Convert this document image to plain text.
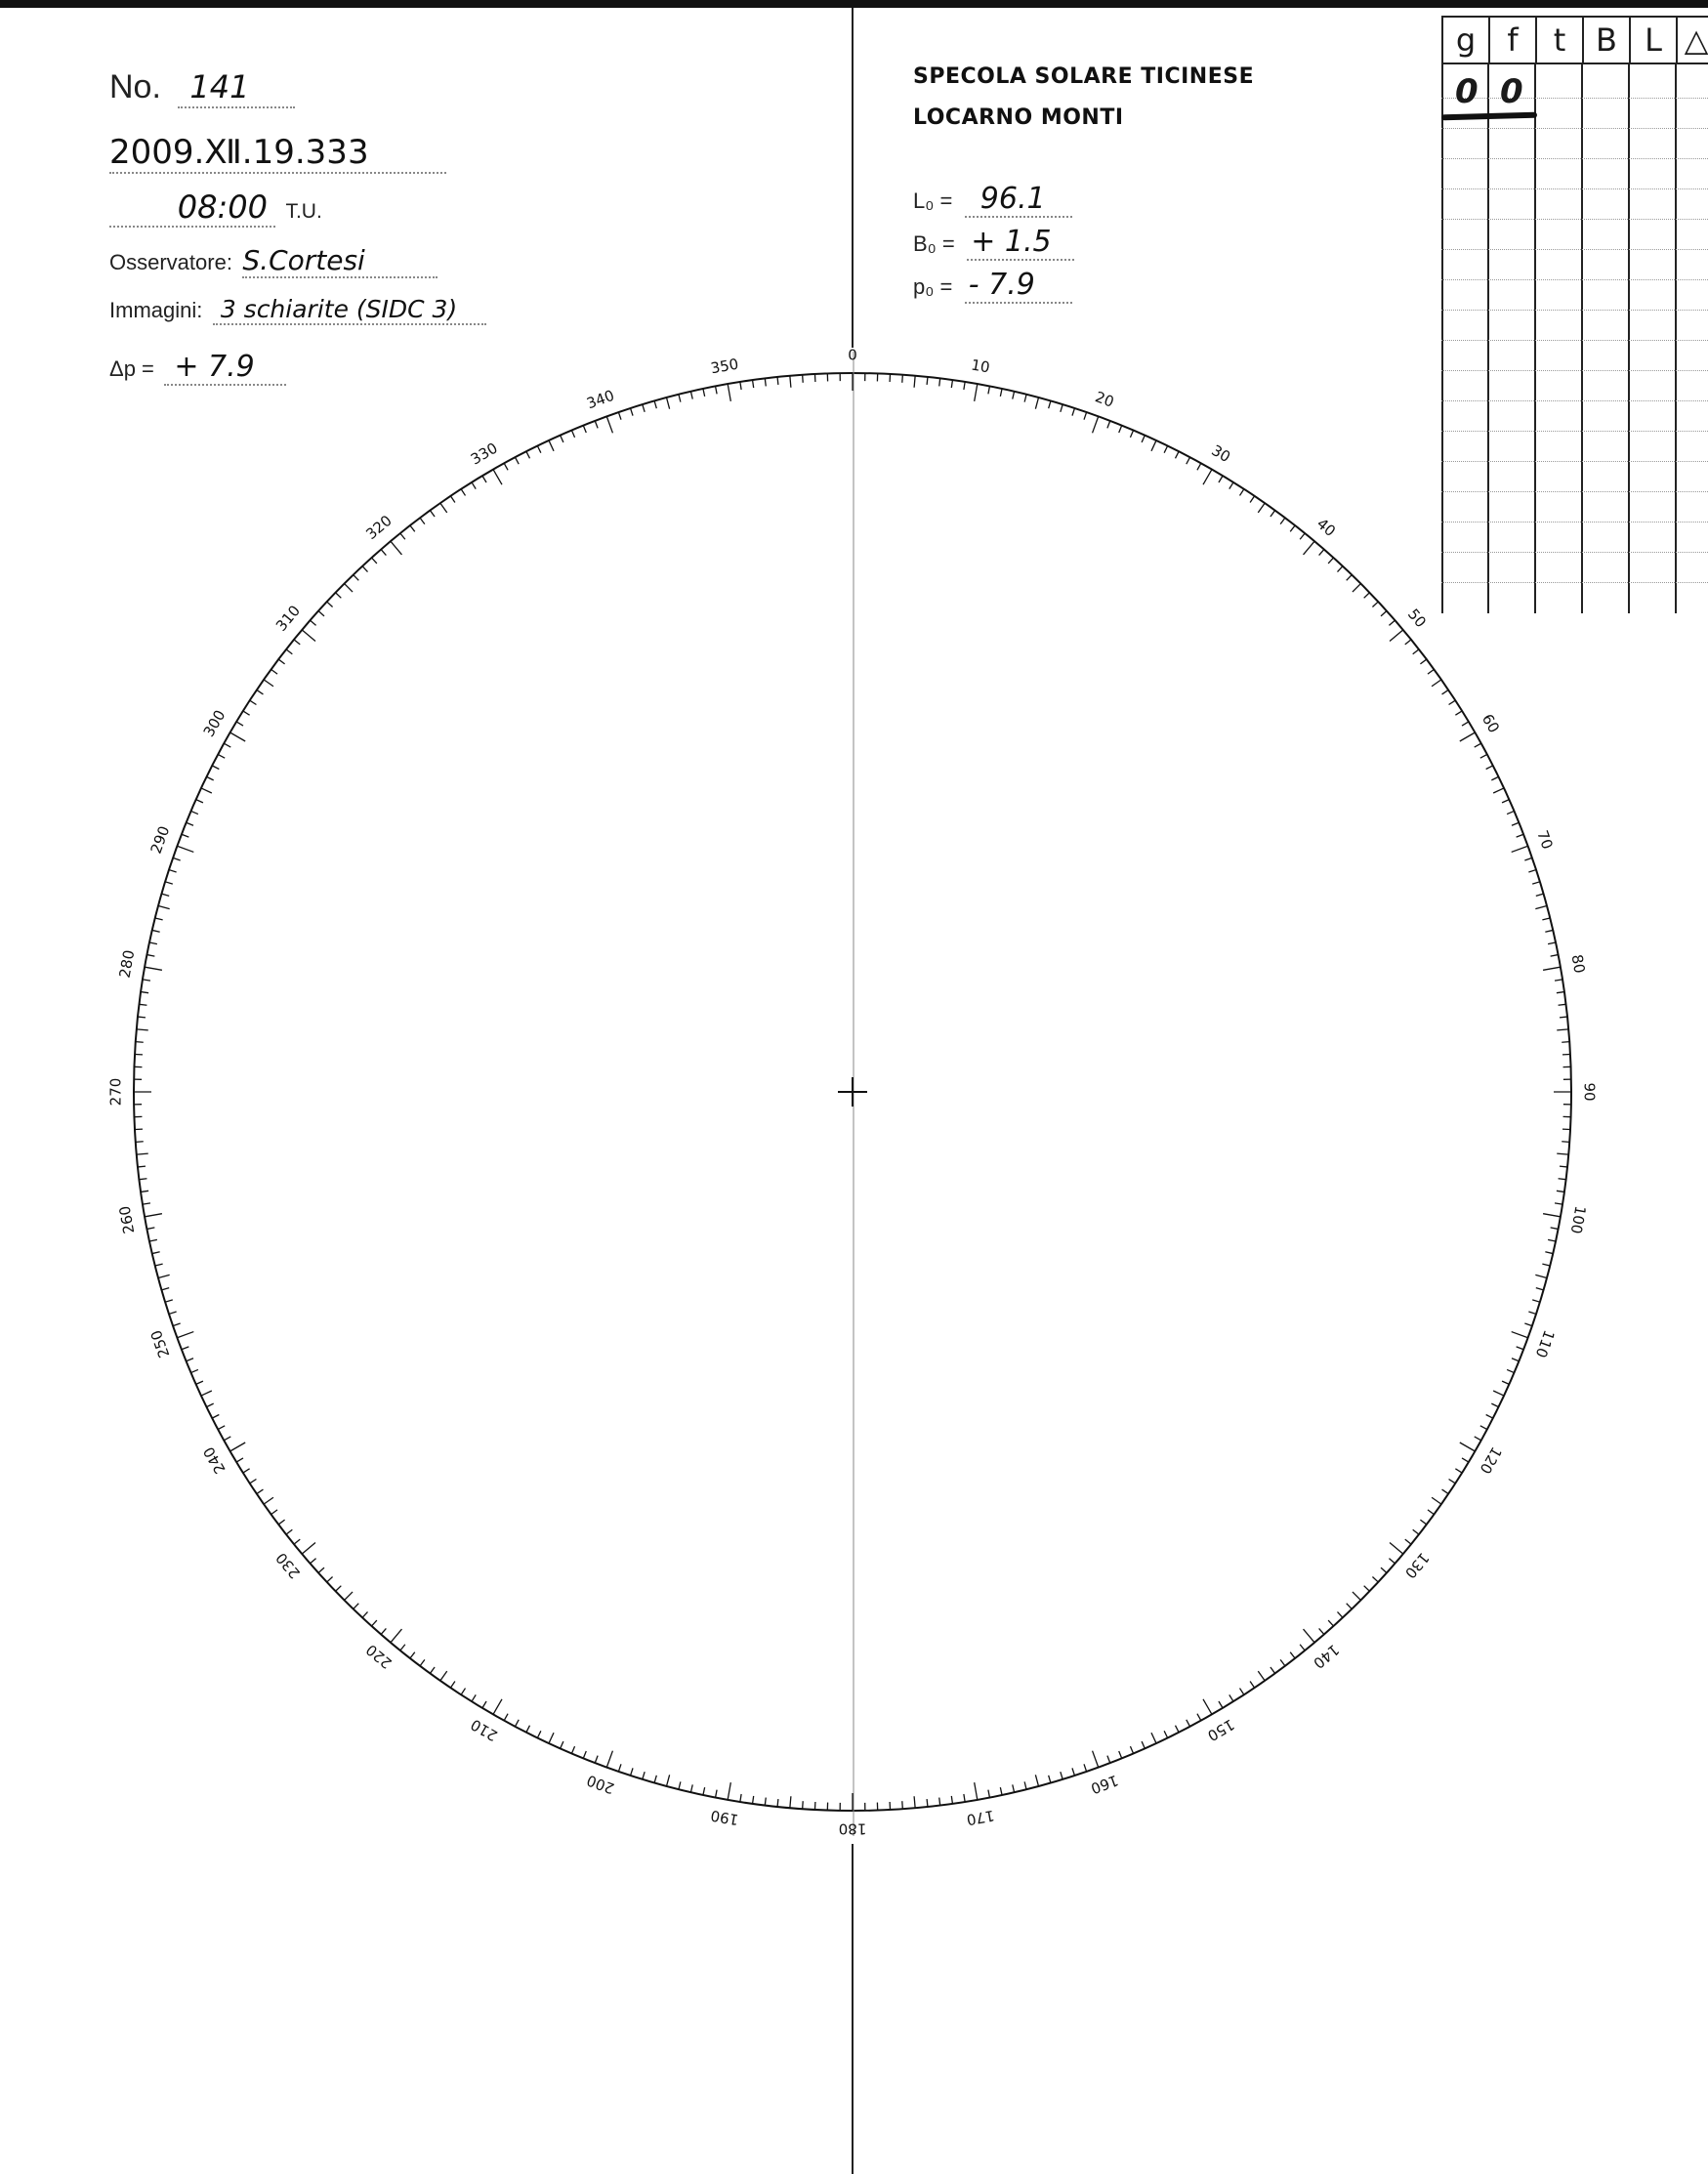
No. 141
2009.Ⅻ.19.333
08:00 T.U.
Osservatore: S.Cortesi
Immagini: 3 schiarite (SIDC 3)
Δp = + 7.9
SPECOLA SOLARE TICINESE
LOCARNO MONTI
L₀ = 96.1
B₀ = + 1.5
p₀ = - 7.9
g	f	t B L △
0 0
0
10
20
30
40
50
60
70
80
90
100
110
120
130
140
150
160
170
180
190
200
210
220
230
240
250
260
270
280
290
300
310
320
330
340
350
